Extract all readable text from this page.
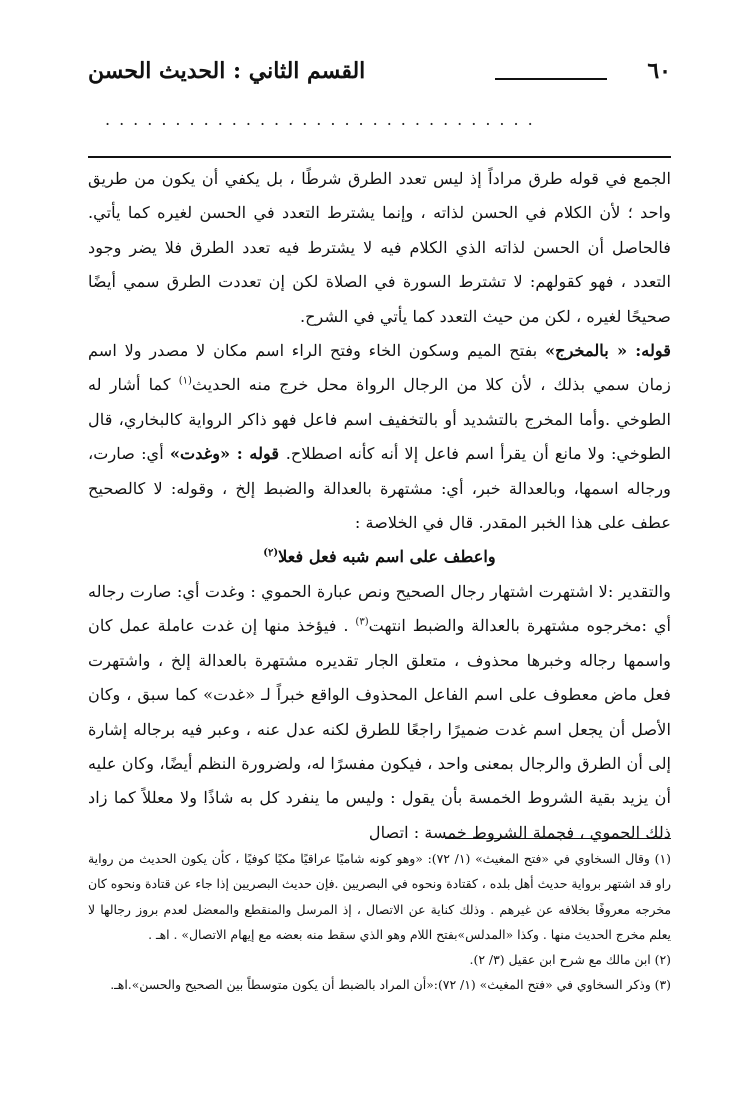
٦٠
القسم الثاني : الحديث الحسن
...............................

الجمع في قوله طرق مراداً إذ ليس تعدد الطرق شرطًا ، بل يكفي أن يكون من طريق واحد ؛ لأن الكلام في الحسن لذاته ، وإنما يشترط التعدد في الحسن لغيره كما يأتي. فالحاصل أن الحسن لذاته الذي الكلام فيه لا يشترط فيه تعدد الطرق فلا يضر وجود التعدد ، فهو كقولهم: لا تشترط السورة في الصلاة لكن إن تعددت الطرق سمي أيضًا صحيحًا لغيره ، لكن من حيث التعدد كما يأتي في الشرح.

قوله: « بالمخرج» بفتح الميم وسكون الخاء وفتح الراء اسم مكان لا مصدر ولا اسم زمان سمي بذلك ، لأن كلا من الرجال الرواة محل خرج منه الحديث$^{(١)}$ كما أشار له الطوخي .وأما المخرج بالتشديد أو بالتخفيف اسم فاعل فهو ذاكر الرواية كالبخاري، قال الطوخي: ولا مانع أن يقرأ اسم فاعل إلا أنه كأنه اصطلاح. قوله : «وغدت» أي: صارت، ورجاله اسمها، وبالعدالة خبر، أي: مشتهرة بالعدالة والضبط إلخ ، وقوله: لا كالصحيح عطف على هذا الخبر المقدر. قال في الخلاصة :

واعطف على اسم شبه فعل فعلا$^{(٢)}$

والتقدير :لا اشتهرت اشتهار رجال الصحيح ونص عبارة الحموي : وغدت أي: صارت رجاله أي :مخرجوه مشتهرة بالعدالة والضبط انتهت$^{(٣)}$ . فيؤخذ منها إن غدت عاملة عمل كان واسمها رجاله وخبرها محذوف ، متعلق الجار تقديره مشتهرة بالعدالة إلخ ، واشتهرت فعل ماض معطوف على اسم الفاعل المحذوف الواقع خبراً لـ «غدت» كما سبق ، وكان الأصل أن يجعل اسم غدت ضميرًا راجعًا للطرق لكنه عدل عنه ، وعبر فيه برجاله إشارة إلى أن الطرق والرجال بمعنى واحد ، فيكون مفسرًا له، ولضرورة النظم أيضًا، وكان عليه أن يزيد بقية الشروط الخمسة بأن يقول : وليس ما ينفرد كل به شاذًا ولا معللاً كما زاد ذلك الحموي ، فجملة الشروط خمسة : اتصال

(١) وقال السخاوي في «فتح المغيث» (١/ ٧٢): «وهو كونه شاميًا عراقيًا مكيًا كوفيًا ، كأن يكون الحديث من رواية راو قد اشتهر برواية حديث أهل بلده ، كقتادة ونحوه في البصريين .فإن حديث البصريين إذا جاء عن قتادة ونحوه كان مخرجه معروفًا بخلافه عن غيرهم . وذلك كناية عن الاتصال ، إذ المرسل والمنقطع والمعضل لعدم بروز رجالها لا يعلم مخرج الحديث منها . وكذا «المدلس»بفتح اللام وهو الذي سقط منه بعضه مع إيهام الاتصال» . اهـ .

(٢) ابن مالك مع شرح ابن عقيل (٣/ ٢).

(٣) وذكر السخاوي في «فتح المغيث» (١/ ٧٢):«أن المراد بالضبط أن يكون متوسطاً بين الصحيح والحسن».اهـ.
